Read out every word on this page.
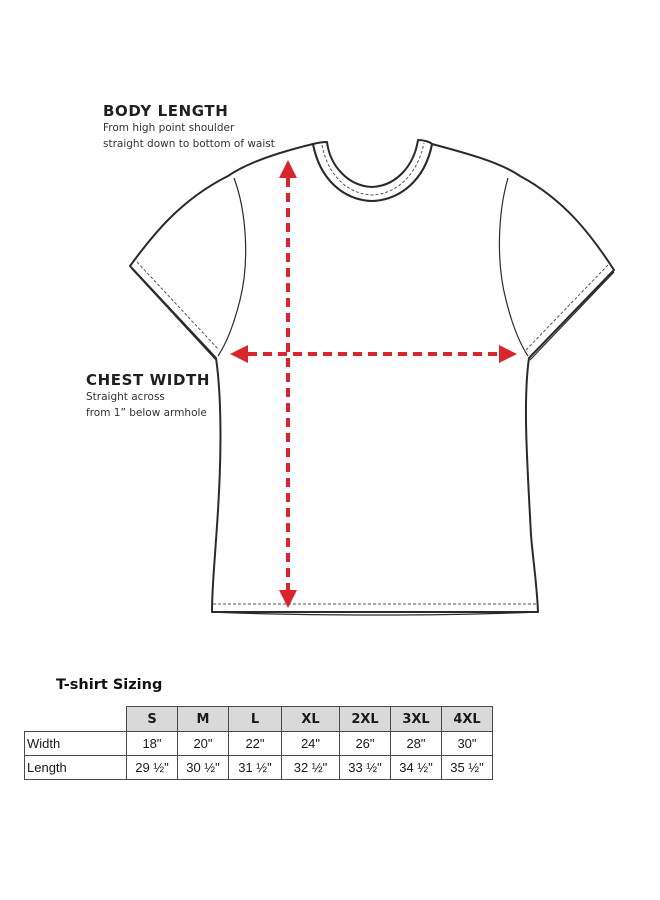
BODY LENGTH
From high point shoulder
straight down to bottom of waist
CHEST WIDTH
Straight across
from 1” below armhole
T-shirt Sizing
	S	M	L	XL	2XL	3XL	4XL
Width	18"	20"	22"	24"	26"	28"	30"
Length	29 ½"	30 ½"	31 ½"	32 ½"	33 ½"	34 ½"	35 ½"
